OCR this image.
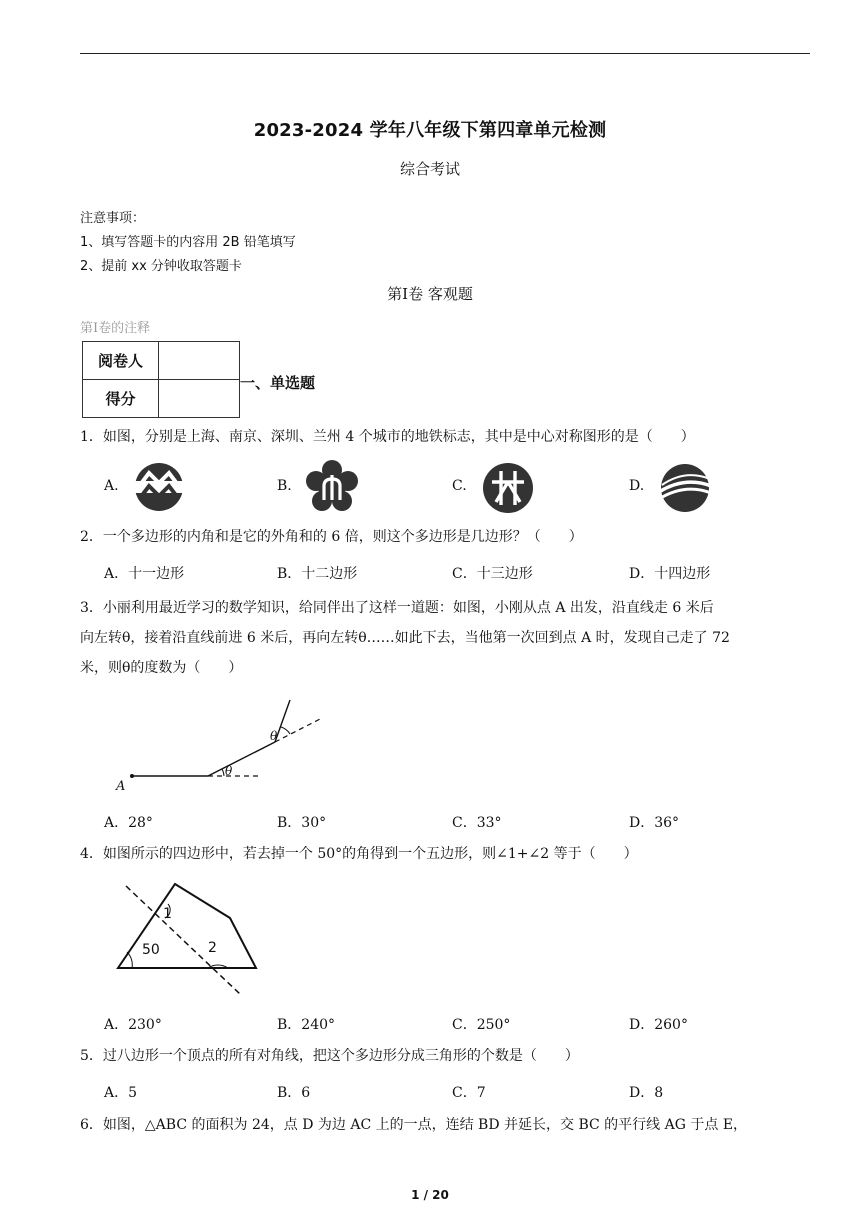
2023-2024 学年八年级下第四章单元检测
综合考试
注意事项：
1、填写答题卡的内容用 2B 铅笔填写
2、提前 xx 分钟收取答题卡
第Ⅰ卷 客观题
第Ⅰ卷的注释
阅卷人	
得分	
一、单选题
1．如图，分别是上海、南京、深圳、兰州 4 个城市的地铁标志，其中是中心对称图形的是（　　）
A.	B.	C.	D.
2．一个多边形的内角和是它的外角和的 6 倍，则这个多边形是几边形？（　　）
A．十一边形	B．十二边形	C．十三边形	D．十四边形
3．小丽利用最近学习的数学知识，给同伴出了这样一道题：如图，小刚从点 A 出发，沿直线走 6 米后
向左转θ，接着沿直线前进 6 米后，再向左转θ……如此下去，当他第一次回到点 A 时，发现自己走了 72
米，则θ的度数为（　　）
A
θ
θ
A．28°	B．30°	C．33°	D．36°
4．如图所示的四边形中，若去掉一个 50°的角得到一个五边形，则∠1+∠2 等于（　　）
50
1
2
A．230°	B．240°	C．250°	D．260°
5．过八边形一个顶点的所有对角线，把这个多边形分成三角形的个数是（　　）
A．5	B．6	C．7	D．8
6．如图，△ABC 的面积为 24，点 D 为边 AC 上的一点，连结 BD 并延长，交 BC 的平行线 AG 于点 E，
1 / 20
